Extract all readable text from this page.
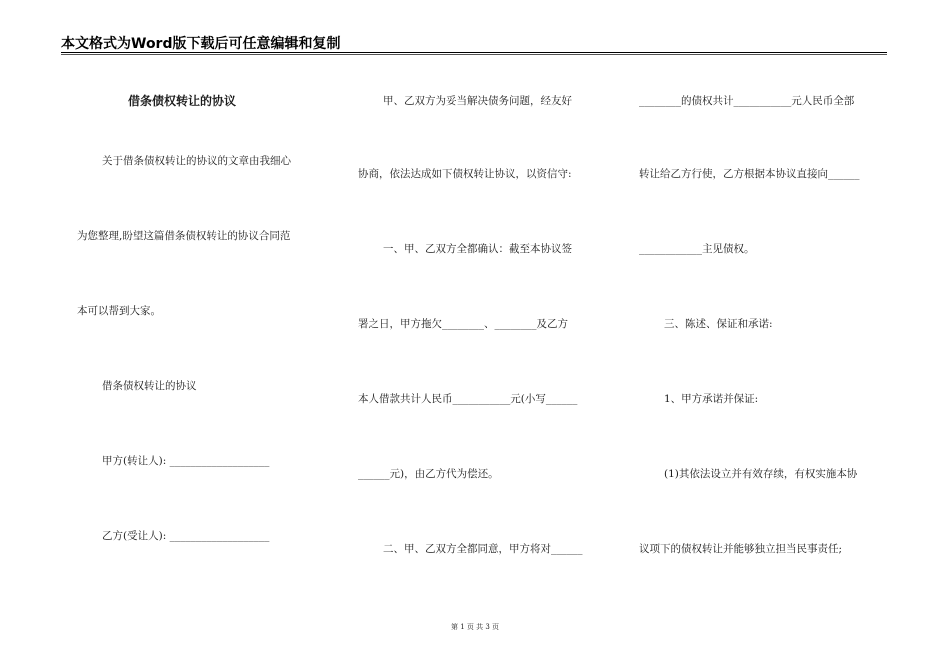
本文格式为Word版下载后可任意编辑和复制
借条债权转让的协议
关于借条债权转让的协议的文章由我细心
为您整理,盼望这篇借条债权转让的协议合同范
本可以帮到大家。
借条债权转让的协议
甲方(转让人): ___________________
乙方(受让人): ___________________
甲、乙双方为妥当解决债务问题，经友好
协商，依法达成如下债权转让协议，以资信守:
一、甲、乙双方全都确认：截至本协议签
署之日，甲方拖欠________、________及乙方
本人借款共计人民币___________元(小写______
______元)，由乙方代为偿还。
二、甲、乙双方全都同意，甲方将对______
________的债权共计___________元人民币全部
转让给乙方行使，乙方根据本协议直接向______
____________主见债权。
三、陈述、保证和承诺:
1、甲方承诺并保证:
(1)其依法设立并有效存续，有权实施本协
议项下的债权转让并能够独立担当民事责任;
第 1 页 共 3 页
